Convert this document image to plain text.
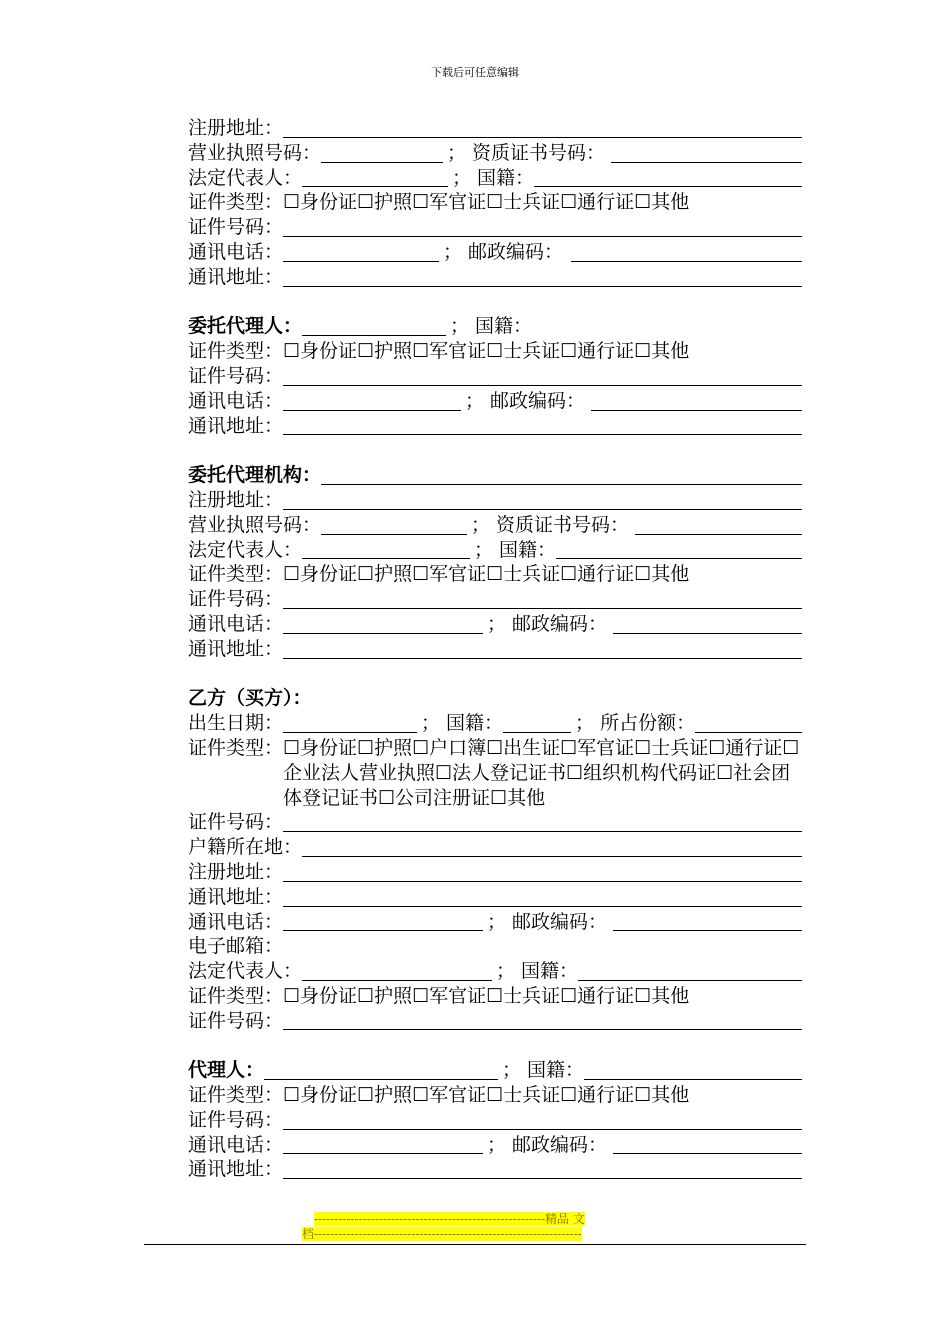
下载后可任意编辑
注册地址：
营业执照号码：	； 资质证书号码：
法定代表人：	； 国籍：
证件类型： ☐身份证☐护照☐军官证☐士兵证☐通行证☐其他
证件号码：
通讯电话：	； 邮政编码：
通讯地址：
委托代理人：	； 国籍：
证件类型： ☐身份证☐护照☐军官证☐士兵证☐通行证☐其他
证件号码：
通讯电话：	； 邮政编码：
通讯地址：
委托代理机构：
注册地址：
营业执照号码：	； 资质证书号码：
法定代表人：	； 国籍：
证件类型： ☐身份证☐护照☐军官证☐士兵证☐通行证☐其他
证件号码：
通讯电话：	； 邮政编码：
通讯地址：
乙方（买方）：
出生日期：	； 国籍：	； 所占份额：
证件类型： ☐身份证☐护照☐户口簿☐出生证☐军官证☐士兵证☐通行证☐企业法人营业执照☐法人登记证书☐组织机构代码证☐社会团体登记证书☐公司注册证☐其他
证件号码：
户籍所在地：
注册地址：
通讯地址：
通讯电话：	； 邮政编码：
电子邮箱：
法定代表人：	； 国籍：
证件类型： ☐身份证☐护照☐军官证☐士兵证☐通行证☐其他
证件号码：
代理人：	； 国籍：
证件类型： ☐身份证☐护照☐军官证☐士兵证☐通行证☐其他
证件号码：
通讯电话：	； 邮政编码：
通讯地址：
---------------------------------------------------------精品 文
档------------------------------------------------------------------
